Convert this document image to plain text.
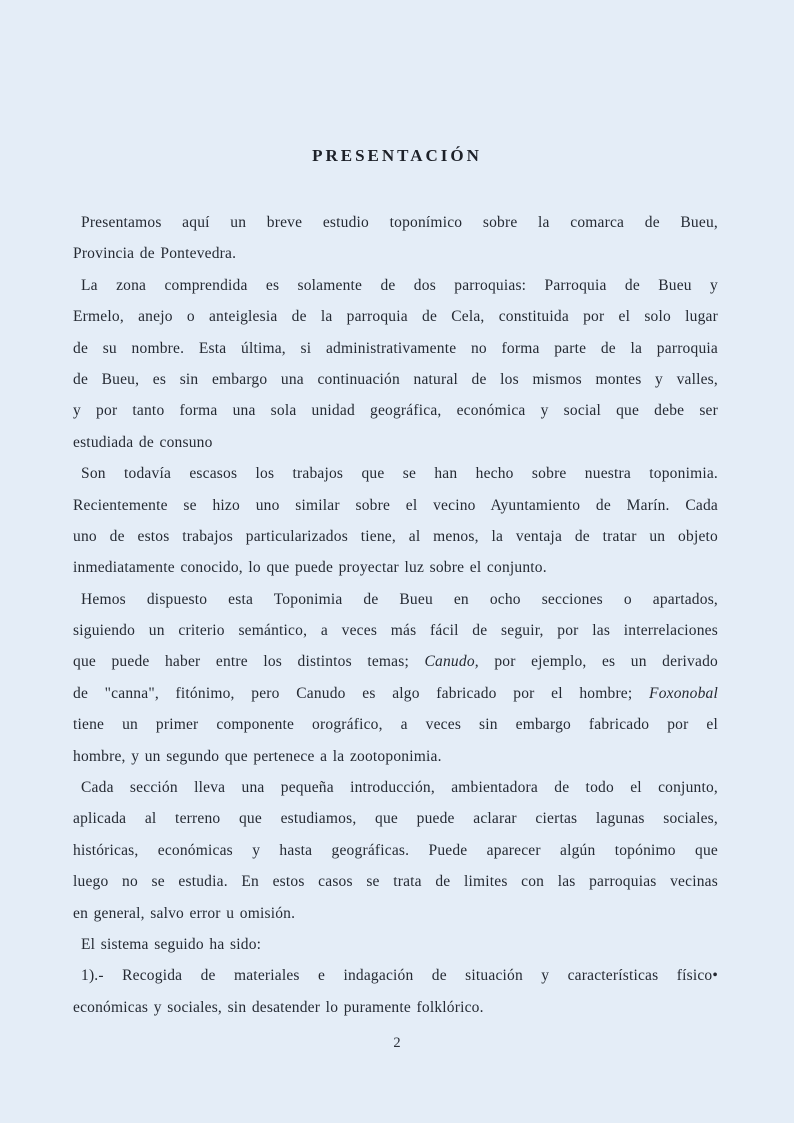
PRESENTACIÓN
Presentamos aquí un breve estudio toponímico sobre la comarca de Bueu,
Provincia de Pontevedra.
La zona comprendida es solamente de dos parroquias: Parroquia de Bueu y
Ermelo, anejo o anteiglesia de la parroquia de Cela, constituida por el solo lugar
de su nombre. Esta última, si administrativamente no forma parte de la parroquia
de Bueu, es sin embargo una continuación natural de los mismos montes y valles,
y por tanto forma una sola unidad geográfica, económica y social que debe ser
estudiada de consuno
Son todavía escasos los trabajos que se han hecho sobre nuestra toponimia.
Recientemente se hizo uno similar sobre el vecino Ayuntamiento de Marín. Cada
uno de estos trabajos particularizados tiene, al menos, la ventaja de tratar un objeto
inmediatamente conocido, lo que puede proyectar luz sobre el conjunto.
Hemos dispuesto esta Toponimia de Bueu en ocho secciones o apartados,
siguiendo un criterio semántico, a veces más fácil de seguir, por las interrelaciones
que puede haber entre los distintos temas; Canudo, por ejemplo, es un derivado
de "canna", fitónimo, pero Canudo es algo fabricado por el hombre; Foxonobal
tiene un primer componente orográfico, a veces sin embargo fabricado por el
hombre, y un segundo que pertenece a la zootoponimia.
Cada sección lleva una pequeña introducción, ambientadora de todo el conjunto,
aplicada al terreno que estudiamos, que puede aclarar ciertas lagunas sociales,
históricas, económicas y hasta geográficas. Puede aparecer algún topónimo que
luego no se estudia. En estos casos se trata de limites con las parroquias vecinas
en general, salvo error u omisión.
El sistema seguido ha sido:
1).- Recogida de materiales e indagación de situación y características físico•
económicas y sociales, sin desatender lo puramente folklórico.
2
